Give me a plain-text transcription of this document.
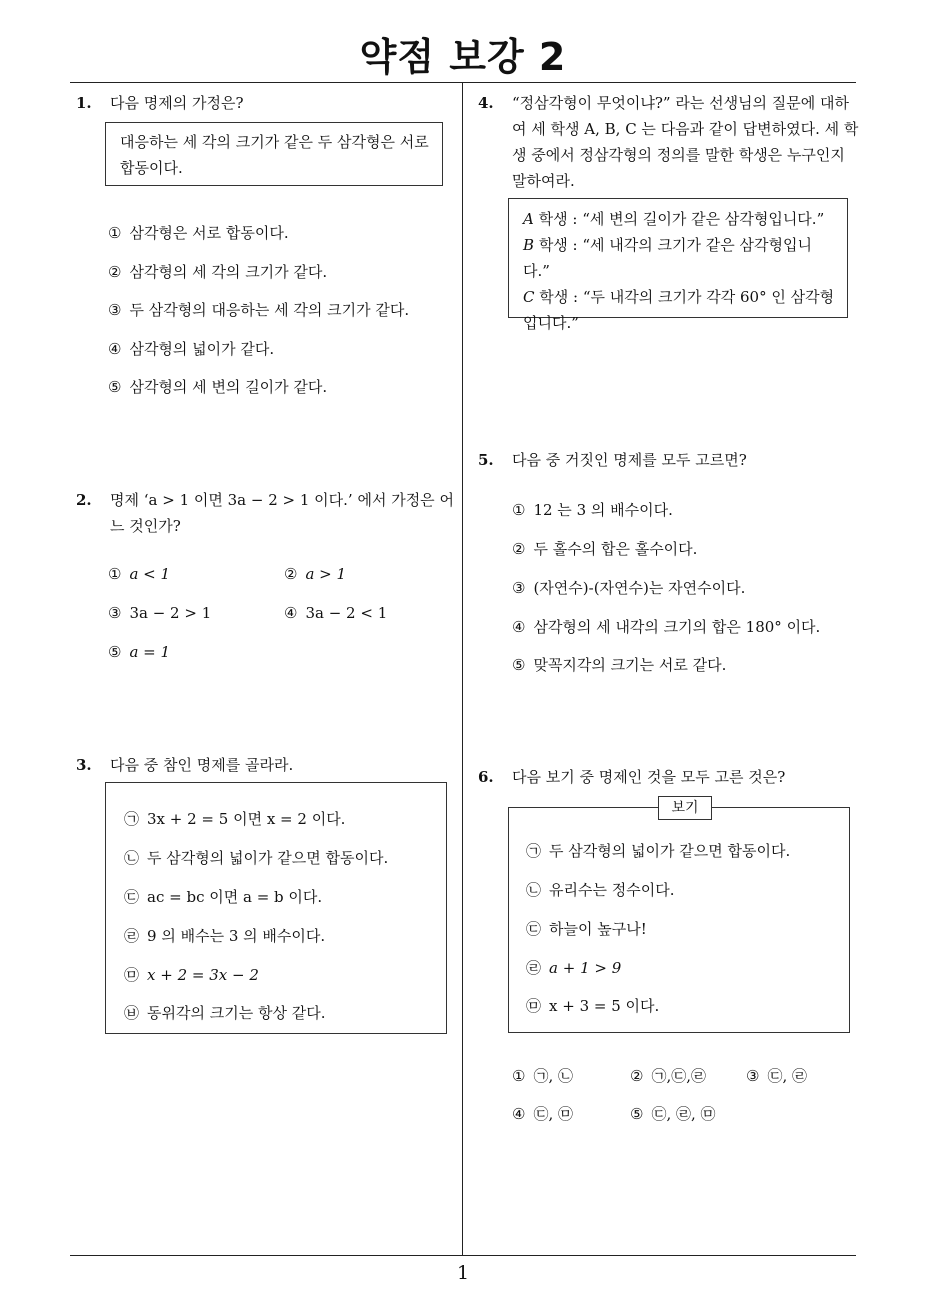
약점 보강 2
1
1. 다음 명제의 가정은?
대응하는 세 각의 크기가 같은 두 삼각형은 서로 합동이다.
① 삼각형은 서로 합동이다.
② 삼각형의 세 각의 크기가 같다.
③ 두 삼각형의 대응하는 세 각의 크기가 같다.
④ 삼각형의 넓이가 같다.
⑤ 삼각형의 세 변의 길이가 같다.
2. 명제 ‘a > 1 이면 3a − 2 > 1 이다.’ 에서 가정은 어느 것인가?
① a < 1	② a > 1
③ 3a − 2 > 1	④ 3a − 2 < 1
⑤ a = 1
3. 다음 중 참인 명제를 골라라.
㉠ 3x + 2 = 5 이면 x = 2 이다.
㉡ 두 삼각형의 넓이가 같으면 합동이다.
㉢ ac = bc 이면 a = b 이다.
㉣ 9 의 배수는 3 의 배수이다.
㉤ x + 2 = 3x − 2
㉥ 동위각의 크기는 항상 같다.
4. “정삼각형이 무엇이냐?” 라는 선생님의 질문에 대하여 세 학생 A, B, C 는 다음과 같이 답변하였다. 세 학생 중에서 정삼각형의 정의를 말한 학생은 누구인지 말하여라.
A 학생 : “세 변의 길이가 같은 삼각형입니다.”
B 학생 : “세 내각의 크기가 같은 삼각형입니다.”
C 학생 : “두 내각의 크기가 각각 60° 인 삼각형 입니다.”
5. 다음 중 거짓인 명제를 모두 고르면?
① 12 는 3 의 배수이다.
② 두 홀수의 합은 홀수이다.
③ (자연수)-(자연수)는 자연수이다.
④ 삼각형의 세 내각의 크기의 합은 180° 이다.
⑤ 맞꼭지각의 크기는 서로 같다.
6. 다음 보기 중 명제인 것을 모두 고른 것은?
보기
㉠ 두 삼각형의 넓이가 같으면 합동이다.
㉡ 유리수는 정수이다.
㉢ 하늘이 높구나!
㉣ a + 1 > 9
㉤ x + 3 = 5 이다.
① ㉠, ㉡	② ㉠,㉢,㉣	③ ㉢, ㉣
④ ㉢, ㉤	⑤ ㉢, ㉣, ㉤
